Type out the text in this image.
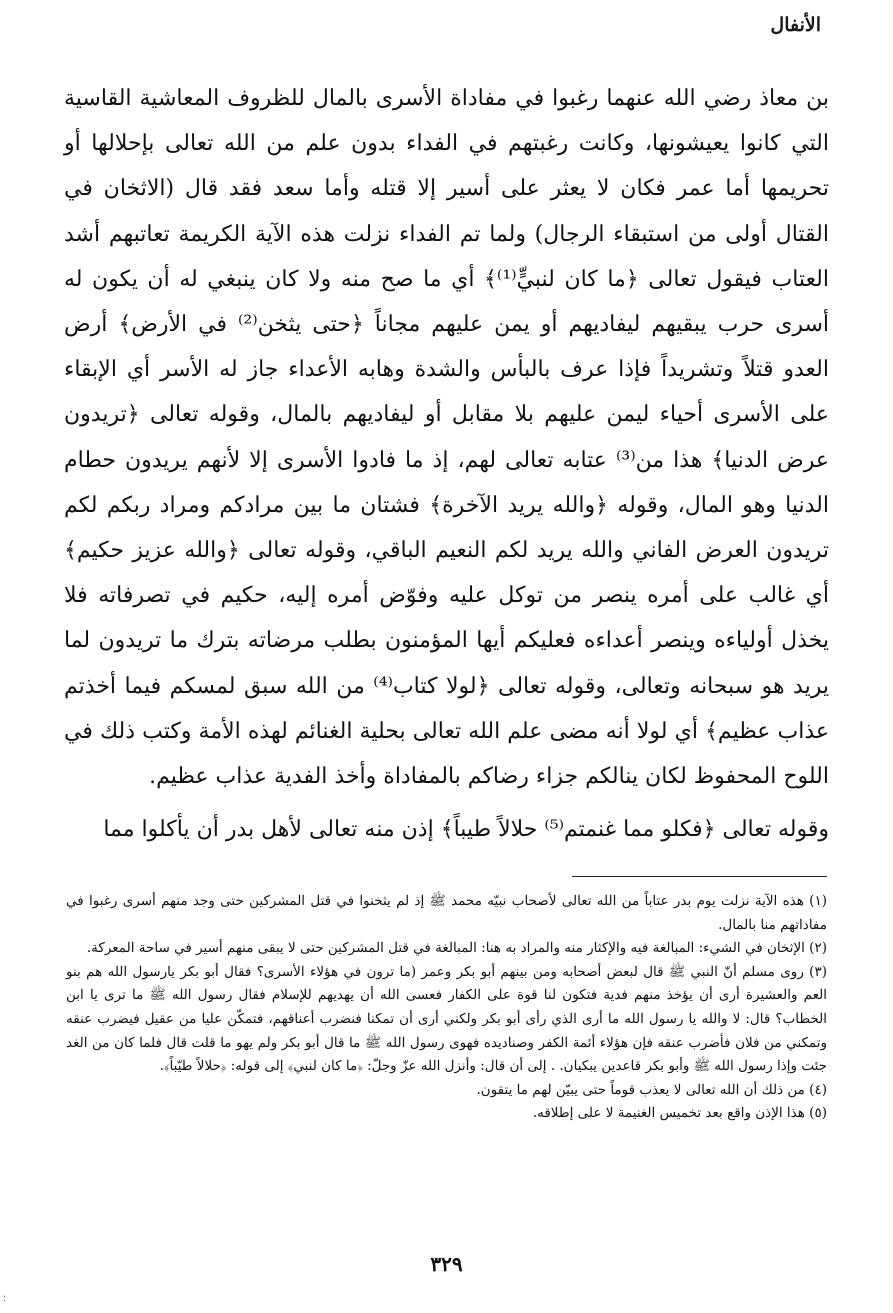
الأنفال

بن معاذ رضي الله عنهما رغبوا في مفاداة الأسرى بالمال للظروف المعاشية القاسية التي كانوا يعيشونها، وكانت رغبتهم في الفداء بدون علم من الله تعالى بإحلالها أو تحريمها أما عمر فكان لا يعثر على أسير إلا قتله وأما سعد فقد قال (الاثخان في القتال أولى من استبقاء الرجال) ولما تم الفداء نزلت هذه الآية الكريمة تعاتبهم أشد العتاب فيقول تعالى ﴿ما كان لنبيٍّ⁽¹⁾﴾ أي ما صح منه ولا كان ينبغي له أن يكون له أسرى حرب يبقيهم ليفاديهم أو يمن عليهم مجاناً ﴿حتى يثخن⁽²⁾ في الأرض﴾ أرض العدو قتلاً وتشريداً فإذا عرف بالبأس والشدة وهابه الأعداء جاز له الأسر أي الإبقاء على الأسرى أحياء ليمن عليهم بلا مقابل أو ليفاديهم بالمال، وقوله تعالى ﴿تريدون عرض الدنيا﴾ هذا من⁽³⁾ عتابه تعالى لهم، إذ ما فادوا الأسرى إلا لأنهم يريدون حطام الدنيا وهو المال، وقوله ﴿والله يريد الآخرة﴾ فشتان ما بين مرادكم ومراد ربكم لكم تريدون العرض الفاني والله يريد لكم النعيم الباقي، وقوله تعالى ﴿والله عزيز حكيم﴾ أي غالب على أمره ينصر من توكل عليه وفوّض أمره إليه، حكيم في تصرفاته فلا يخذل أولياءه وينصر أعداءه فعليكم أيها المؤمنون بطلب مرضاته بترك ما تريدون لما يريد هو سبحانه وتعالى، وقوله تعالى ﴿لولا كتاب⁽⁴⁾ من الله سبق لمسكم فيما أخذتم عذاب عظيم﴾ أي لولا أنه مضى علم الله تعالى بحلية الغنائم لهذه الأمة وكتب ذلك في اللوح المحفوظ لكان ينالكم جزاء رضاكم بالمفاداة وأخذ الفدية عذاب عظيم.

وقوله تعالى ﴿فكلو مما غنمتم⁽⁵⁾ حلالاً طيباً﴾ إذن منه تعالى لأهل بدر أن يأكلوا مما

(١) هذه الآية نزلت يوم بدر عتاباً من الله تعالى لأصحاب نبيّه محمد ﷺ إذ لم يثخنوا في قتل المشركين حتى وجد منهم أسرى رغبوا في مفاداتهم منا بالمال.

(٢) الإثخان في الشيء: المبالغة فيه والإكثار منه والمراد به هنا: المبالغة في قتل المشركين حتى لا يبقى منهم أسير في ساحة المعركة.

(٣) روى مسلم أنّ النبي ﷺ قال لبعض أصحابه ومن بينهم أبو بكر وعمر (ما ترون في هؤلاء الأسرى؟ فقال أبو بكر يارسول الله هم بنو العم والعشيرة أرى أن يؤخذ منهم فدية فتكون لنا قوة على الكفار فعسى الله أن يهديهم للإسلام فقال رسول الله ﷺ ما ترى يا ابن الخطاب؟ قال: لا والله يا رسول الله ما أرى الذي رأى أبو بكر ولكني أرى أن تمكنا فنضرب أعناقهم، فتمكّن عليا من عقيل فيضرب عنقه وتمكني من فلان فأضرب عنقه فإن هؤلاء أئمة الكفر وصناديده فهوى رسول الله ﷺ ما قال أبو بكر ولم يهو ما قلت قال فلما كان من الغد جئت وإذا رسول الله ﷺ وأبو بكر قاعدين يبكيان. . إلى أن قال: وأنزل الله عزّ وجلّ: ﴿ما كان لنبي﴾ إلى قوله: ﴿حلالاً طيّباً﴾.

(٤) من ذلك أن الله تعالى لا يعذب قوماً حتى يبيّن لهم ما يتقون.

(٥) هذا الإذن واقع بعد تخميس الغنيمة لا على إطلاقه.

٣٢٩
؛
